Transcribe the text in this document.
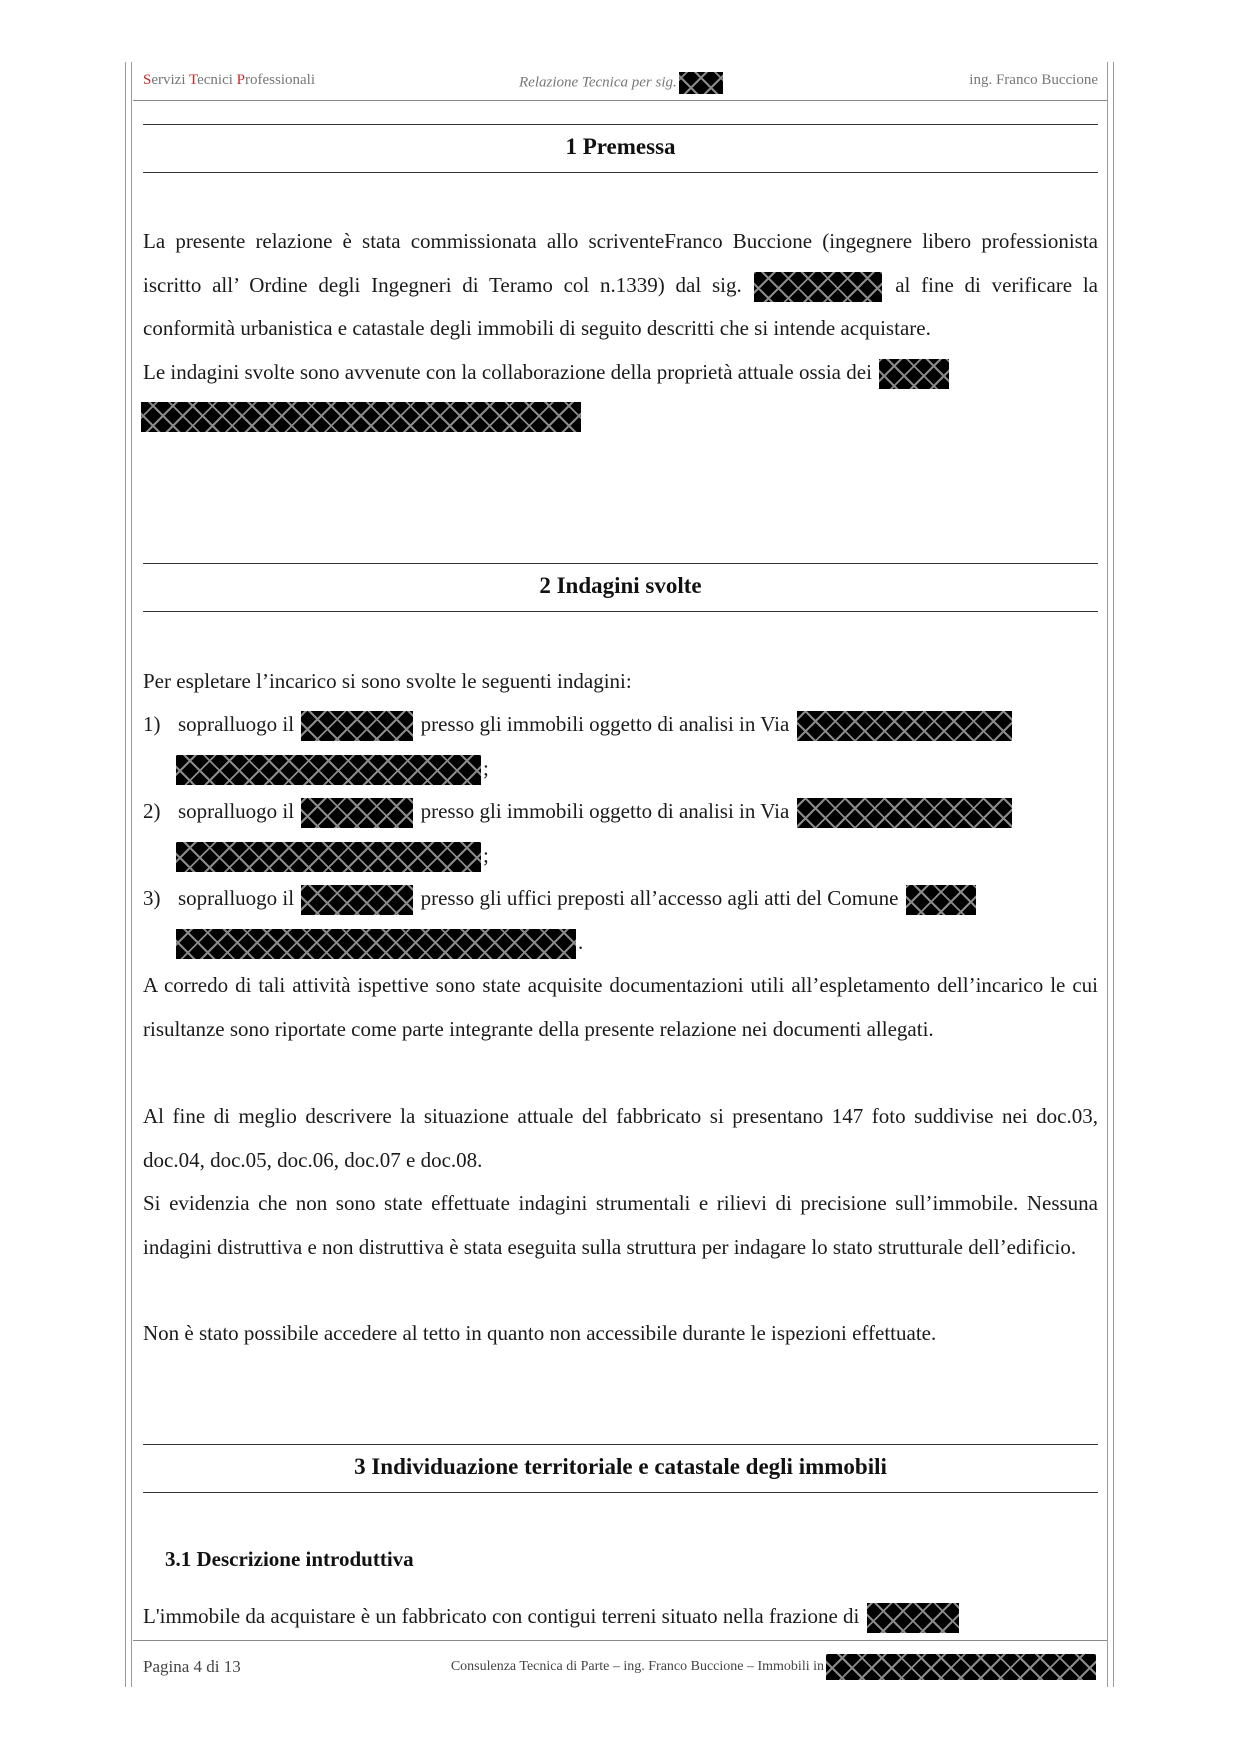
Servizi Tecnici Professionali	Relazione Tecnica per sig.	ing. Franco Buccione
1 Premessa

La presente relazione è stata commissionata allo scriventeFranco Buccione (ingegnere libero professionista iscritto all’ Ordine degli Ingegneri di Teramo col n.1339) dal sig.	al fine di verificare la conformità urbanistica e catastale degli immobili di seguito descritti che si intende acquistare.
Le indagini svolte sono avvenute con la collaborazione della proprietà attuale ossia dei

2 Indagini svolte

Per espletare l’incarico si sono svolte le seguenti indagini:

1) sopralluogo il	presso gli immobili oggetto di analisi in Via
;
2) sopralluogo il	presso gli immobili oggetto di analisi in Via
;
3) sopralluogo il	presso gli uffici preposti all’accesso agli atti del Comune
.

A corredo di tali attività ispettive sono state acquisite documentazioni utili all’espletamento dell’incarico le cui risultanze sono riportate come parte integrante della presente relazione nei documenti allegati.

Al fine di meglio descrivere la situazione attuale del fabbricato si presentano 147 foto suddivise nei doc.03, doc.04, doc.05, doc.06, doc.07 e doc.08.

Si evidenzia che non sono state effettuate indagini strumentali e rilievi di precisione sull’immobile. Nessuna indagini distruttiva e non distruttiva è stata eseguita sulla struttura per indagare lo stato strutturale dell’edificio.

Non è stato possibile accedere al tetto in quanto non accessibile durante le ispezioni effettuate.

3 Individuazione territoriale e catastale degli immobili
3.1 Descrizione introduttiva

L'immobile da acquistare è un fabbricato con contigui terreni situato nella frazione di

Pagina 4 di 13	Consulenza Tecnica di Parte – ing. Franco Buccione – Immobili in
